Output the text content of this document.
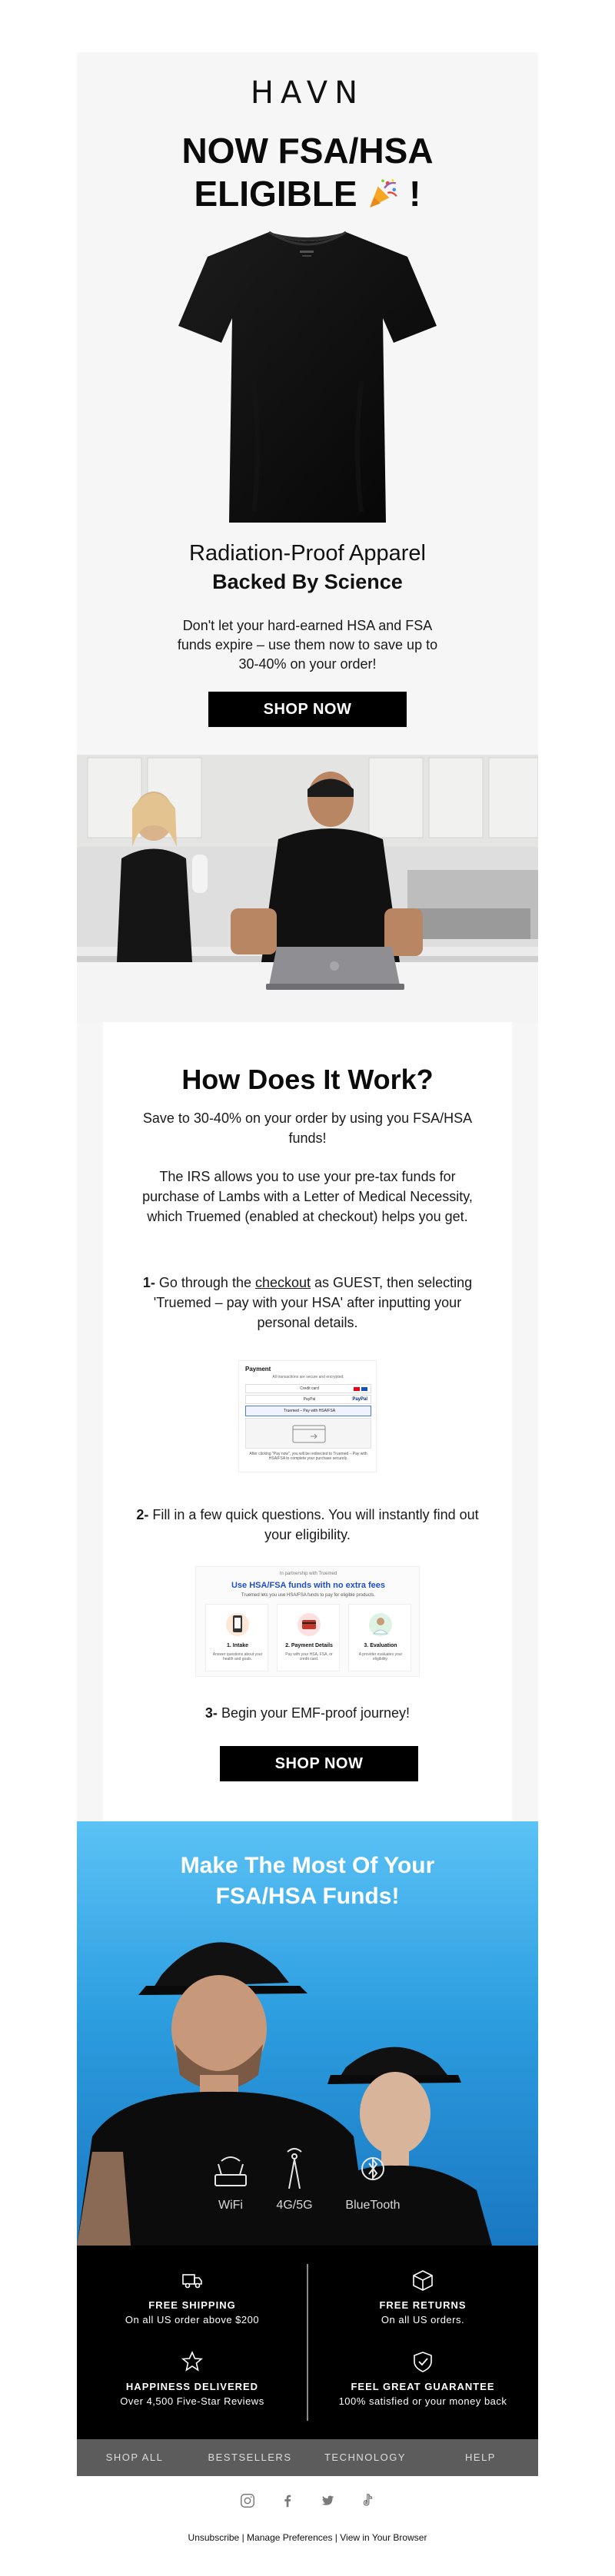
HAVN
NOW FSA/HSA
ELIGIBLE !
Radiation-Proof Apparel
Backed By Science

Don't let your hard-earned HSA and FSA funds expire – use them now to save up to 30-40% on your order!

SHOP NOW
How Does It Work?

Save to 30-40% on your order by using you FSA/HSA funds!

The IRS allows you to use your pre-tax funds for purchase of Lambs with a Letter of Medical Necessity, which Truemed (enabled at checkout) helps you get.

1- Go through the checkout as GUEST, then selecting 'Truemed – pay with your HSA' after inputting your personal details.

Payment
All transactions are secure and encrypted.
Credit card
PayPal	PayPal
Truemed – Pay with HSA/FSA
After clicking "Pay now", you will be redirected to Truemed – Pay with HSA/FSA to complete your purchase securely.

2- Fill in a few quick questions. You will instantly find out your eligibility.

In partnership with Truemed
Use HSA/FSA funds with no extra fees
Truemed lets you use HSA/FSA funds to pay for eligible products.
1. Intake
Answer questions about your health and goals.
2. Payment Details
Pay with your HSA, FSA, or credit card.
3. Evaluation
A provider evaluates your eligibility.

3- Begin your EMF-proof journey!

SHOP NOW
Make The Most Of Your
FSA/HSA Funds!
WiFi	4G/5G	BlueTooth
FREE SHIPPING
On all US order above $200
FREE RETURNS
On all US orders.
HAPPINESS DELIVERED
Over 4,500 Five-Star Reviews
FEEL GREAT GUARANTEE
100% satisfied or your money back
SHOP ALL	BESTSELLERS	TECHNOLOGY	HELP
Unsubscribe | Manage Preferences | View in Your Browser
